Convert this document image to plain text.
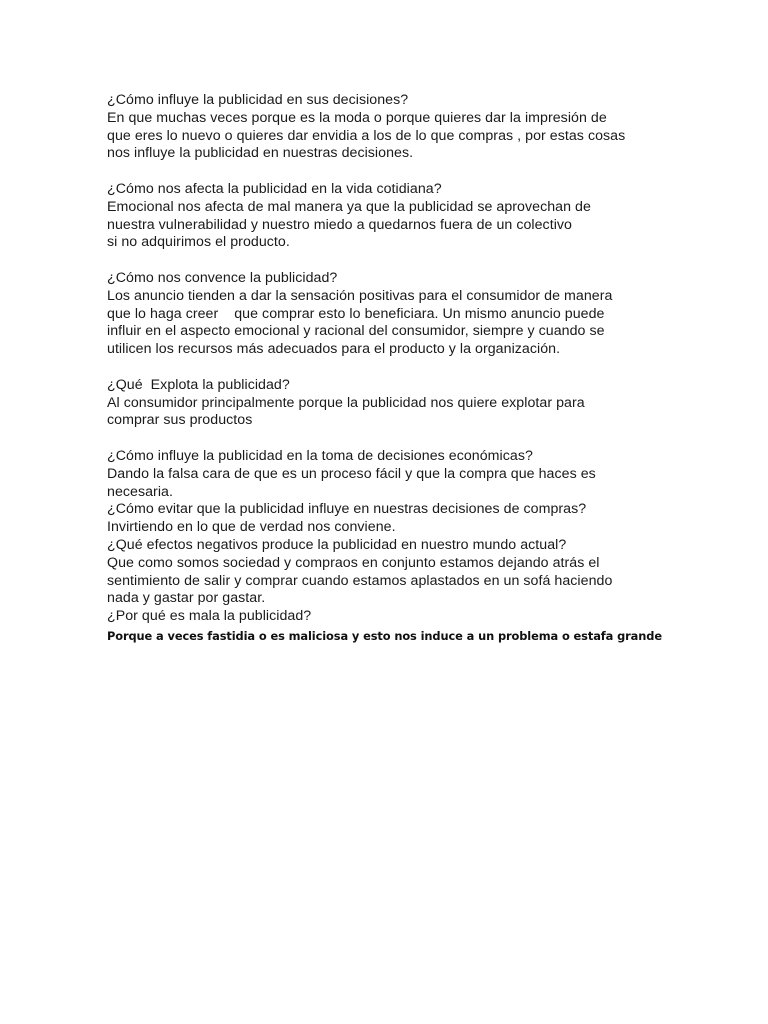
¿Cómo influye la publicidad en sus decisiones?
En que muchas veces porque es la moda o porque quieres dar la impresión de
que eres lo nuevo o quieres dar envidia a los de lo que compras , por estas cosas
nos influye la publicidad en nuestras decisiones.
¿Cómo nos afecta la publicidad en la vida cotidiana?
Emocional nos afecta de mal manera ya que la publicidad se aprovechan de
nuestra vulnerabilidad y nuestro miedo a quedarnos fuera de un colectivo
si no adquirimos el producto.
¿Cómo nos convence la publicidad?
Los anuncio tienden a dar la sensación positivas para el consumidor de manera
que lo haga creer    que comprar esto lo beneficiara. Un mismo anuncio puede
influir en el aspecto emocional y racional del consumidor, siempre y cuando se
utilicen los recursos más adecuados para el producto y la organización.
¿Qué  Explota la publicidad?
Al consumidor principalmente porque la publicidad nos quiere explotar para
comprar sus productos
¿Cómo influye la publicidad en la toma de decisiones económicas?
Dando la falsa cara de que es un proceso fácil y que la compra que haces es
necesaria.
¿Cómo evitar que la publicidad influye en nuestras decisiones de compras?
Invirtiendo en lo que de verdad nos conviene.
¿Qué efectos negativos produce la publicidad en nuestro mundo actual?
Que como somos sociedad y compraos en conjunto estamos dejando atrás el
sentimiento de salir y comprar cuando estamos aplastados en un sofá haciendo
nada y gastar por gastar.
¿Por qué es mala la publicidad?
Porque a veces fastidia o es maliciosa y esto nos induce a un problema o estafa grande
